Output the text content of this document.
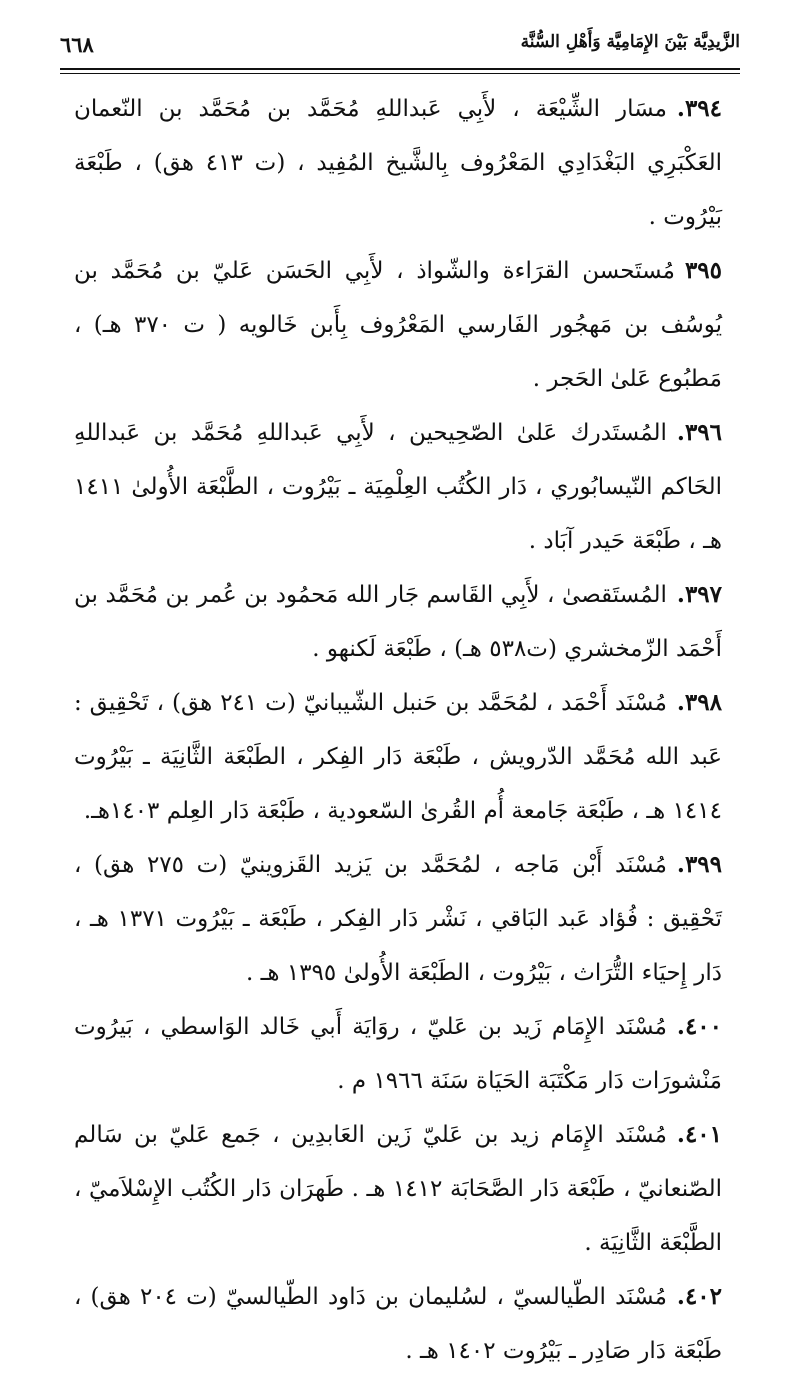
الزَّيدِيَّة بَيْنَ الإِمَامِيَّة وَأَهْلِ السُّنَّة
٦٦٨

٣٩٤.مسَار الشِّيْعَة ، لأَبِي عَبداللهِ مُحَمَّد بن مُحَمَّد بن النّعمان العَكْبَرِي البَغْدَادِي المَعْرُوف بِالشَّيخ المُفِيد ، (ت ٤١٣ هق) ، طَبْعَة بَيْرُوت .

٣٩٥مُستَحسن القرَاءة والشّواذ ، لأَبِي الحَسَن عَليّ بن مُحَمَّد بن يُوسُف بن مَهجُور الفَارسي المَعْرُوف بِأَبن خَالويه ( ت ٣٧٠ هـ) ، مَطبُوع عَلىٰ الحَجر .

٣٩٦.المُستَدرك عَلىٰ الصّحِيحين ، لأَبِي عَبداللهِ مُحَمَّد بن عَبداللهِ الحَاكم النّيسابُوري ، دَار الكُتُب العِلْمِيَة ـ بَيْرُوت ، الطَّبْعَة الأُولىٰ ١٤١١ هـ ، طَبْعَة حَيدر آبَاد .

٣٩٧.المُستَقصىٰ ، لأَبِي القَاسم جَار الله مَحمُود بن عُمر بن مُحَمَّد بن أَحْمَد الزّمخشري (ت٥٣٨ هـ) ، طَبْعَة لَكنهو .

٣٩٨.مُسْنَد أَحْمَد ، لمُحَمَّد بن حَنبل الشّيبانيّ (ت ٢٤١ هق) ، تَحْقِيق : عَبد الله مُحَمَّد الدّرويش ، طَبْعَة دَار الفِكر ، الطَبْعَة الثَّانِيَة ـ بَيْرُوت ١٤١٤ هـ ، طَبْعَة جَامعة أُم القُرىٰ السّعودية ، طَبْعَة دَار العِلم ١٤٠٣هـ.

٣٩٩.مُسْنَد أَبْن مَاجه ، لمُحَمَّد بن يَزيد القَزوينيّ (ت ٢٧٥ هق) ، تَحْقِيق : فُؤاد عَبد البَاقي ، نَشْر دَار الفِكر ، طَبْعَة ـ بَيْرُوت ١٣٧١ هـ ، دَار إِحيَاء التُّرَاث ، بَيْرُوت ، الطَبْعَة الأُولىٰ ١٣٩٥ هـ .

٤٠٠.مُسْنَد الإِمَام زَيد بن عَليّ ، روَايَة أَبي خَالد الوَاسطي ، بَيرُوت مَنْشورَات دَار مَكْتَبَة الحَيَاة سَنَة ١٩٦٦ م .

٤٠١.مُسْنَد الإِمَام زيد بن عَليّ زَين العَابدِين ، جَمع عَليّ بن سَالم الصّنعانيّ ، طَبْعَة دَار الصَّحَابَة ١٤١٢ هـ . طَهرَان دَار الكُتُب الإِسْلاَميّ ، الطَّبْعَة الثَّانِيَة .

٤٠٢.مُسْنَد الطّيالسيّ ، لسُليمان بن دَاود الطّيالسيّ (ت ٢٠٤ هق) ، طَبْعَة دَار صَادِر ـ بَيْرُوت ١٤٠٢ هـ .
